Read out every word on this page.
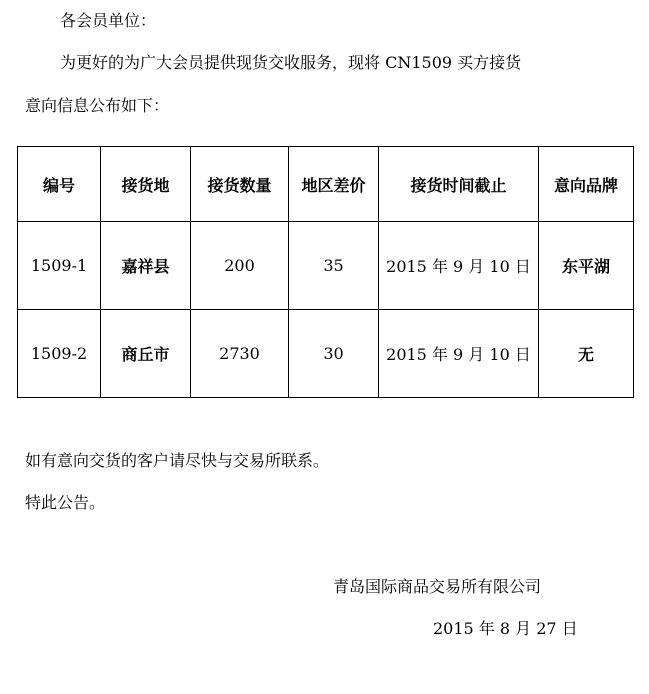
各会员单位：
为更好的为广大会员提供现货交收服务，现将 CN1509 买方接货
意向信息公布如下：
编号	接货地	接货数量	地区差价	接货时间截止	意向品牌
1509-1	嘉祥县	200	35	2015 年 9 月 10 日	东平湖
1509-2	商丘市	2730	30	2015 年 9 月 10 日	无
如有意向交货的客户请尽快与交易所联系。
特此公告。
青岛国际商品交易所有限公司
2015 年 8 月 27 日
